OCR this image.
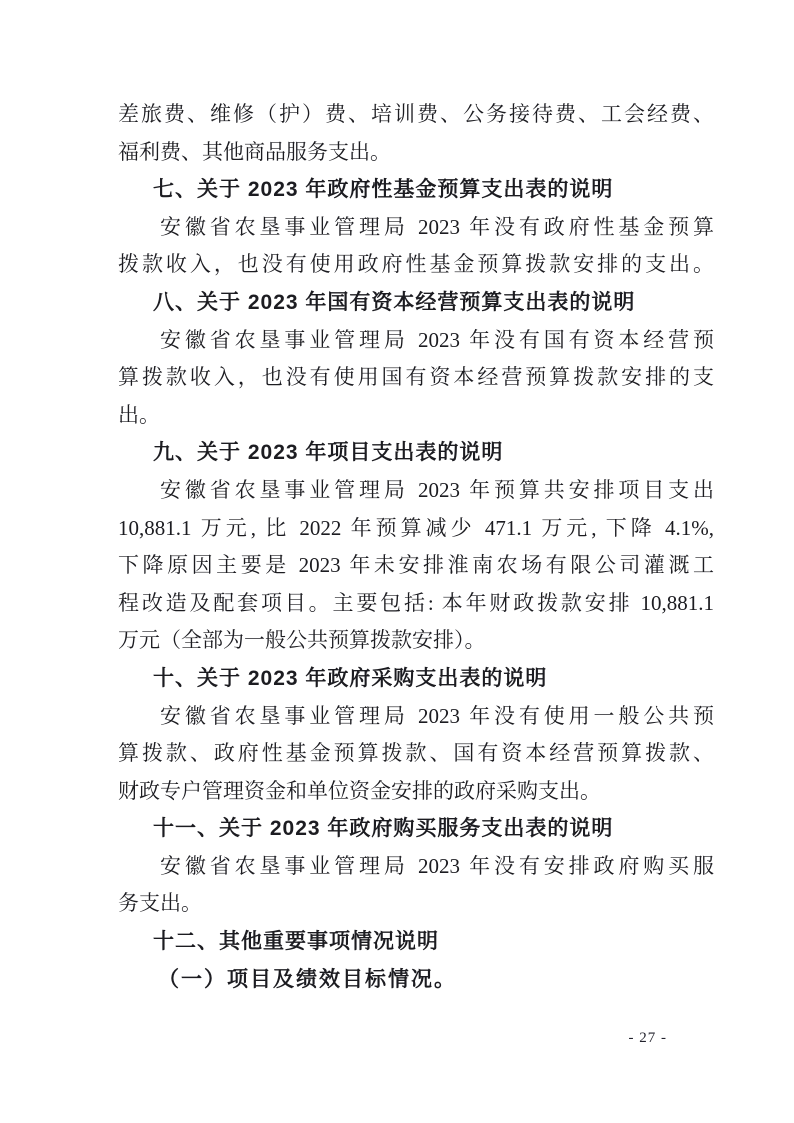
差旅费、维修（护）费、培训费、公务接待费、工会经费、
福利费、其他商品服务支出。
七、关于 2023 年政府性基金预算支出表的说明
安徽省农垦事业管理局 2023 年没有政府性基金预算
拨款收入，也没有使用政府性基金预算拨款安排的支出。
八、关于 2023 年国有资本经营预算支出表的说明
安徽省农垦事业管理局 2023 年没有国有资本经营预
算拨款收入，也没有使用国有资本经营预算拨款安排的支
出。
九、关于 2023 年项目支出表的说明
安徽省农垦事业管理局 2023 年预算共安排项目支出
10,881.1 万元, 比 2022 年预算减少 471.1 万元, 下降 4.1%,
下降原因主要是 2023 年未安排淮南农场有限公司灌溉工
程改造及配套项目。主要包括: 本年财政拨款安排 10,881.1
万元（全部为一般公共预算拨款安排）。
十、关于 2023 年政府采购支出表的说明
安徽省农垦事业管理局 2023 年没有使用一般公共预
算拨款、政府性基金预算拨款、国有资本经营预算拨款、
财政专户管理资金和单位资金安排的政府采购支出。
十一、关于 2023 年政府购买服务支出表的说明
安徽省农垦事业管理局 2023 年没有安排政府购买服
务支出。
十二、其他重要事项情况说明
（一）项目及绩效目标情况。
- 27 -
